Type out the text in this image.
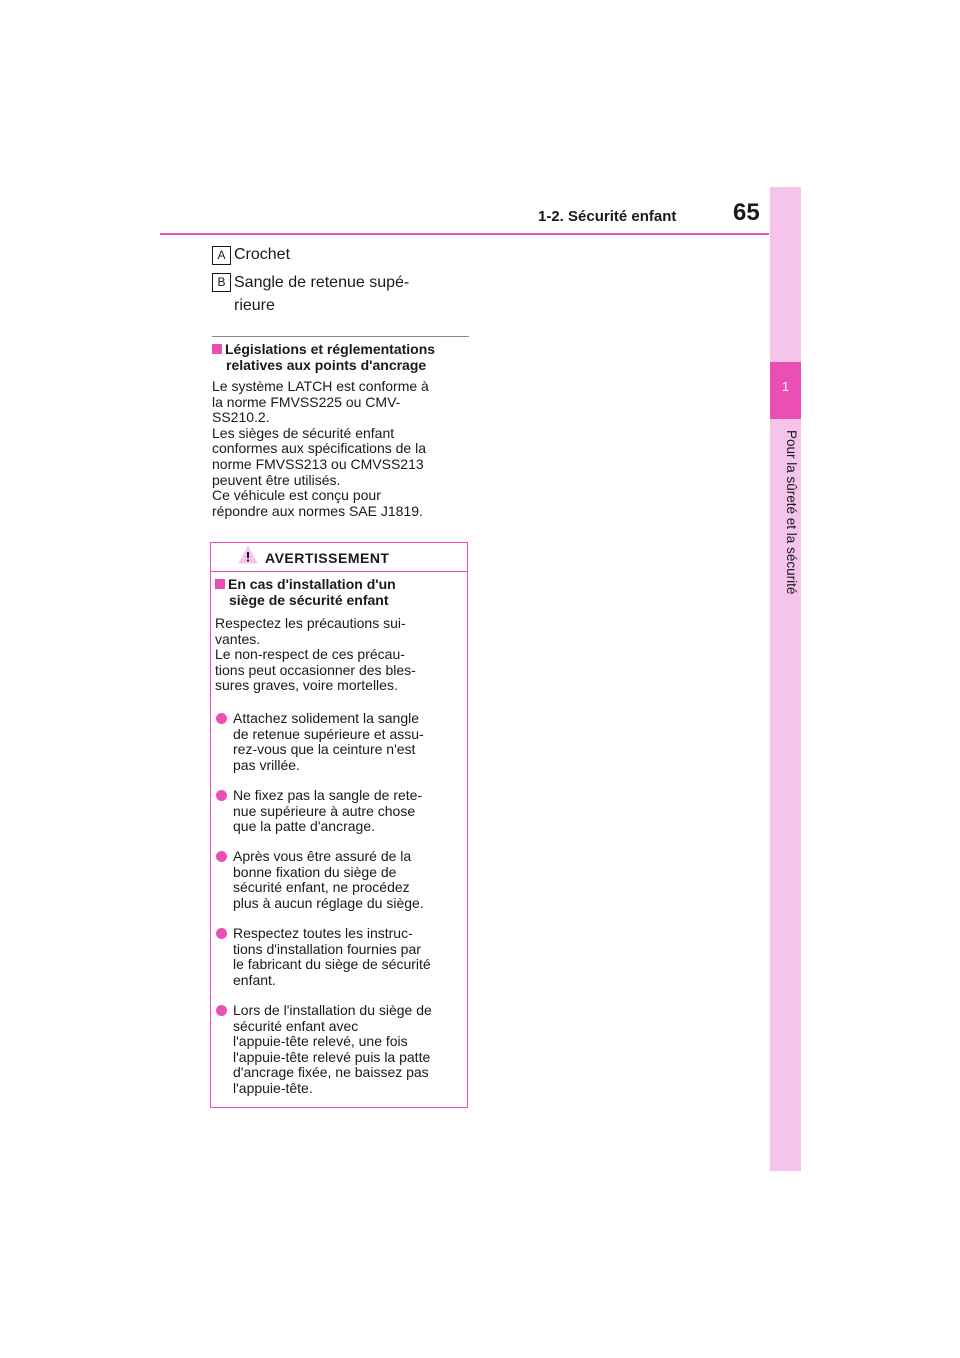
1-2. Sécurité enfant 65
1
Pour la sûreté et la sécurité
A Crochet
B Sangle de retenue supé-
rieure
Législations et réglementations
relatives aux points d'ancrage
Le système LATCH est conforme à
la norme FMVSS225 ou CMV-
SS210.2.
Les sièges de sécurité enfant
conformes aux spécifications de la
norme FMVSS213 ou CMVSS213
peuvent être utilisés.
Ce véhicule est conçu pour
répondre aux normes SAE J1819.
AVERTISSEMENT
En cas d'installation d'un
siège de sécurité enfant
Respectez les précautions sui-
vantes.
Le non-respect de ces précau-
tions peut occasionner des bles-
sures graves, voire mortelles.
Attachez solidement la sangle
de retenue supérieure et assu-
rez-vous que la ceinture n'est
pas vrillée.
Ne fixez pas la sangle de rete-
nue supérieure à autre chose
que la patte d'ancrage.
Après vous être assuré de la
bonne fixation du siège de
sécurité enfant, ne procédez
plus à aucun réglage du siège.
Respectez toutes les instruc-
tions d'installation fournies par
le fabricant du siège de sécurité
enfant.
Lors de l'installation du siège de
sécurité enfant avec
l'appuie-tête relevé, une fois
l'appuie-tête relevé puis la patte
d'ancrage fixée, ne baissez pas
l'appuie-tête.
